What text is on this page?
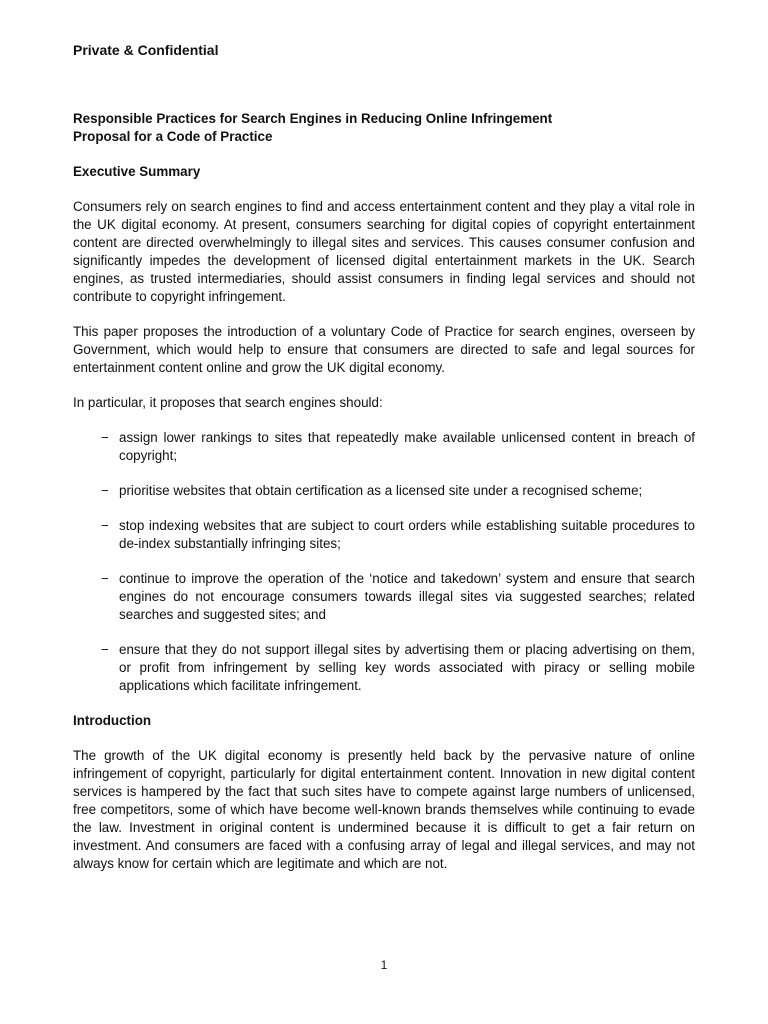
Private & Confidential

Responsible Practices for Search Engines in Reducing Online Infringement

Proposal for a Code of Practice

Executive Summary

Consumers rely on search engines to find and access entertainment content and they play a vital role in the UK digital economy. At present, consumers searching for digital copies of copyright entertainment content are directed overwhelmingly to illegal sites and services. This causes consumer confusion and significantly impedes the development of licensed digital entertainment markets in the UK. Search engines, as trusted intermediaries, should assist consumers in finding legal services and should not contribute to copyright infringement.

This paper proposes the introduction of a voluntary Code of Practice for search engines, overseen by Government, which would help to ensure that consumers are directed to safe and legal sources for entertainment content online and grow the UK digital economy.

In particular, it proposes that search engines should:

− assign lower rankings to sites that repeatedly make available unlicensed content in breach of copyright;
− prioritise websites that obtain certification as a licensed site under a recognised scheme;
− stop indexing websites that are subject to court orders while establishing suitable procedures to de-index substantially infringing sites;
− continue to improve the operation of the ‘notice and takedown’ system and ensure that search engines do not encourage consumers towards illegal sites via suggested searches; related searches and suggested sites; and
− ensure that they do not support illegal sites by advertising them or placing advertising on them, or profit from infringement by selling key words associated with piracy or selling mobile applications which facilitate infringement.

Introduction

The growth of the UK digital economy is presently held back by the pervasive nature of online infringement of copyright, particularly for digital entertainment content. Innovation in new digital content services is hampered by the fact that such sites have to compete against large numbers of unlicensed, free competitors, some of which have become well-known brands themselves while continuing to evade the law. Investment in original content is undermined because it is difficult to get a fair return on investment. And consumers are faced with a confusing array of legal and illegal services, and may not always know for certain which are legitimate and which are not.

1
